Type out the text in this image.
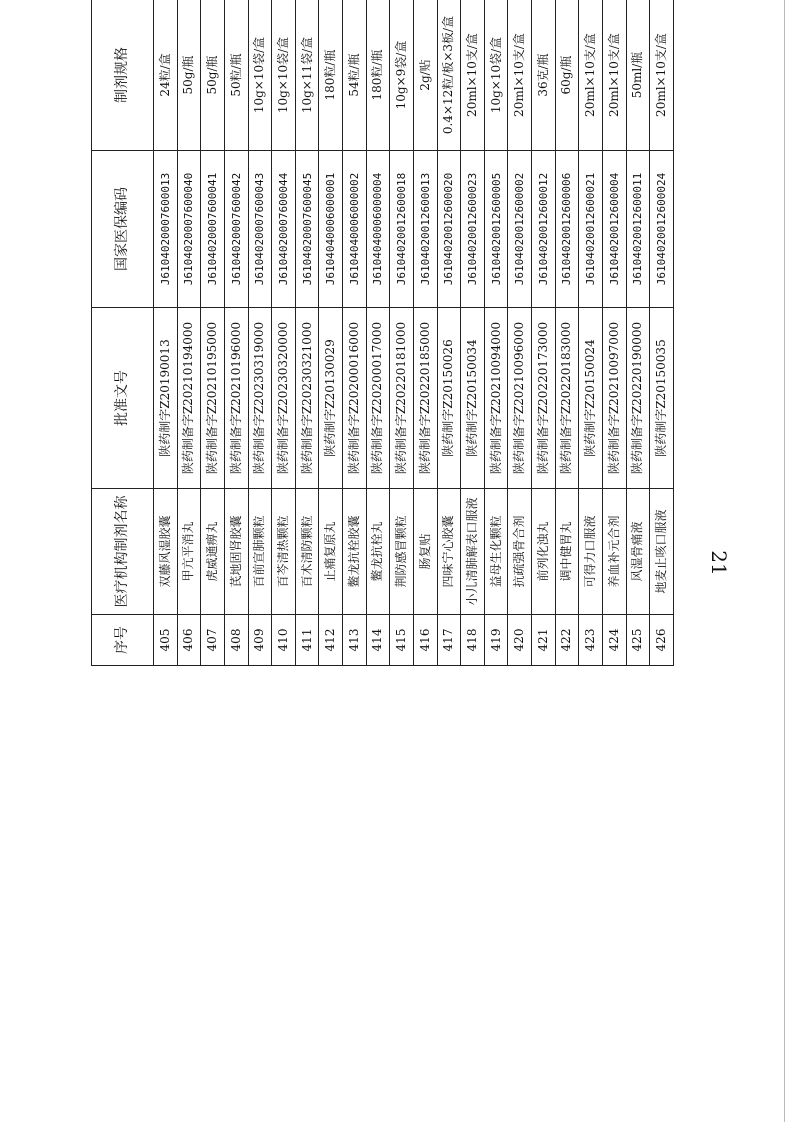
21
序号	医疗机构制剂名称	批准文号	国家医保编码	制剂规格		
405	双藤风湿胶囊	陕药制字Z20190013	J6104020007600013	24粒/盒		
406	甲亢平消丸	陕药制备字Z20210194000	J6104020007600040	50g/瓶		
407	虎威通痹丸	陕药制备字Z20210195000	J6104020007600041	50g/瓶		
408	芪地固肾胶囊	陕药制备字Z20210196000	J6104020007600042	50粒/瓶		
409	百前宣肺颗粒	陕药制备字Z20230319000	J6104020007600043	10g×10袋/盒		
410	百芩清热颗粒	陕药制备字Z20230320000	J6104020007600044	10g×10袋/盒		
411	百术清防颗粒	陕药制备字Z20230321000	J6104020007600045	10g×11袋/盒		
412	止痛复原丸	陕药制字Z20130029	J6104040006000001	180粒/瓶		
413	鳖龙抗栓胶囊	陕药制备字Z20200016000	J6104040006000002	54粒/瓶		
414	鳖龙抗栓丸	陕药制备字Z20200017000	J6104040006000004	180粒/瓶		
415	荆防感冒颗粒	陕药制备字Z20220181000	J6104020012600018	10g×9袋/盒		
416	肠复贴	陕药制备字Z20220185000	J6104020012600013	2g/贴		
417	四味宁心胶囊	陕药制字Z20150026	J6104020012600020	0.4×12粒/板×3板/盒		
418	小儿清肺解表口服液	陕药制字Z20150034	J6104020012600023	20ml×10支/盒		
419	益母生化颗粒	陕药制备字Z20210094000	J6104020012600005	10g×10袋/盒		
420	抗疏强骨合剂	陕药制备字Z20210096000	J6104020012600002	20ml×10支/盒		
421	前列化浊丸	陕药制备字Z20220173000	J6104020012600012	36克/瓶		
422	调中健胃丸	陕药制备字Z20220183000	J6104020012600006	60g/瓶		
423	可得力口服液	陕药制字Z20150024	J6104020012600021	20ml×10支/盒		
424	养血补元合剂	陕药制备字Z20210097000	J6104020012600004	20ml×10支/盒		
425	风湿骨痛液	陕药制备字Z20220190000	J6104020012600011	50ml/瓶		
426	地麦止咳口服液	陕药制字Z20150035	J6104020012600024	20ml×10支/盒		
